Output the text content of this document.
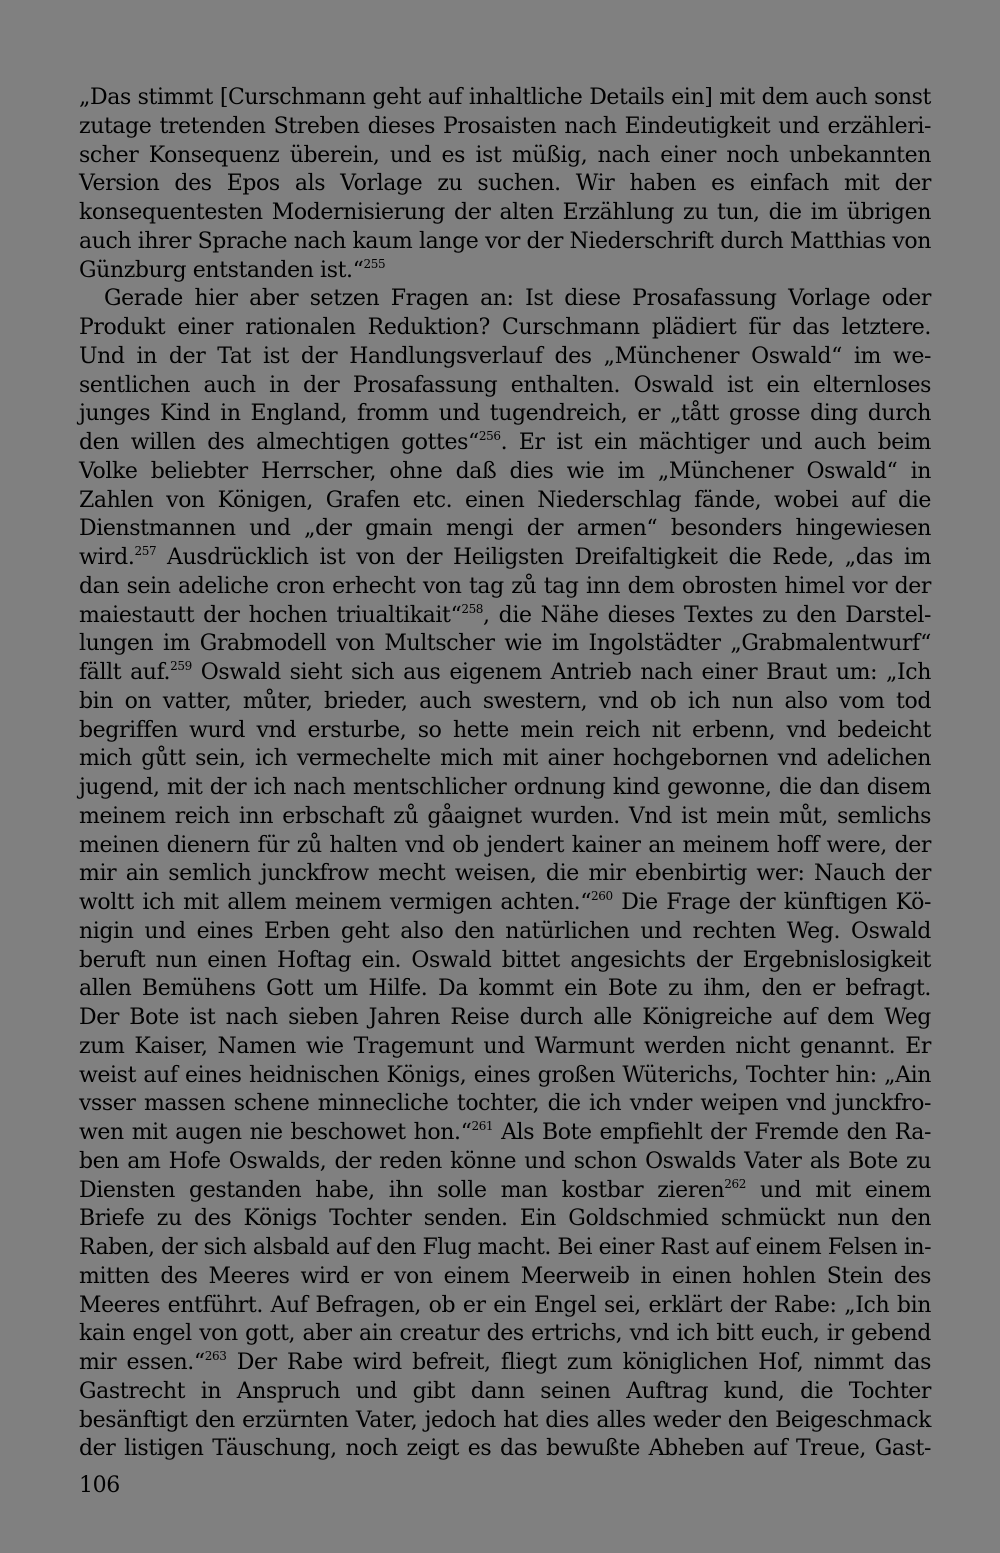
„Das stimmt [Curschmann geht auf inhaltliche Details ein] mit dem auch sonst
zutage tretenden Streben dieses Prosaisten nach Eindeutigkeit und erzähleri-
scher Konsequenz überein, und es ist müßig, nach einer noch unbekannten
Version des Epos als Vorlage zu suchen. Wir haben es einfach mit der
konsequentesten Modernisierung der alten Erzählung zu tun, die im übrigen
auch ihrer Sprache nach kaum lange vor der Niederschrift durch Matthias von
Günzburg entstanden ist.“$^{255}$
Gerade hier aber setzen Fragen an: Ist diese Prosafassung Vorlage oder
Produkt einer rationalen Reduktion? Curschmann plädiert für das letztere.
Und in der Tat ist der Handlungsverlauf des „Münchener Oswald“ im we-
sentlichen auch in der Prosafassung enthalten. Oswald ist ein elternloses
junges Kind in England, fromm und tugendreich, er „tått grosse ding durch
den willen des almechtigen gottes“$^{256}$. Er ist ein mächtiger und auch beim
Volke beliebter Herrscher, ohne daß dies wie im „Münchener Oswald“ in
Zahlen von Königen, Grafen etc. einen Niederschlag fände, wobei auf die
Dienstmannen und „der gmain mengi der armen“ besonders hingewiesen
wird.$^{257}$ Ausdrücklich ist von der Heiligsten Dreifaltigkeit die Rede, „das im
dan sein adeliche cron erhecht von tag zů tag inn dem obrosten himel vor der
maiestautt der hochen triualtikait“$^{258}$, die Nähe dieses Textes zu den Darstel-
lungen im Grabmodell von Multscher wie im Ingolstädter „Grabmalentwurf“
fällt auf.$^{259}$ Oswald sieht sich aus eigenem Antrieb nach einer Braut um: „Ich
bin on vatter, můter, brieder, auch swestern, vnd ob ich nun also vom tod
begriffen wurd vnd ersturbe, so hette mein reich nit erbenn, vnd bedeicht
mich gůtt sein, ich vermechelte mich mit ainer hochgebornen vnd adelichen
jugend, mit der ich nach mentschlicher ordnung kind gewonne, die dan disem
meinem reich inn erbschaft zů gåaignet wurden. Vnd ist mein můt, semlichs
meinen dienern für zů halten vnd ob jendert kainer an meinem hoff were, der
mir ain semlich junckfrow mecht weisen, die mir ebenbirtig wer: Nauch der
woltt ich mit allem meinem vermigen achten.“$^{260}$ Die Frage der künftigen Kö-
nigin und eines Erben geht also den natürlichen und rechten Weg. Oswald
beruft nun einen Hoftag ein. Oswald bittet angesichts der Ergebnislosigkeit
allen Bemühens Gott um Hilfe. Da kommt ein Bote zu ihm, den er befragt.
Der Bote ist nach sieben Jahren Reise durch alle Königreiche auf dem Weg
zum Kaiser, Namen wie Tragemunt und Warmunt werden nicht genannt. Er
weist auf eines heidnischen Königs, eines großen Wüterichs, Tochter hin: „Ain
vsser massen schene minnecliche tochter, die ich vnder weipen vnd junckfro-
wen mit augen nie beschowet hon.“$^{261}$ Als Bote empfiehlt der Fremde den Ra-
ben am Hofe Oswalds, der reden könne und schon Oswalds Vater als Bote zu
Diensten gestanden habe, ihn solle man kostbar zieren$^{262}$ und mit einem
Briefe zu des Königs Tochter senden. Ein Goldschmied schmückt nun den
Raben, der sich alsbald auf den Flug macht. Bei einer Rast auf einem Felsen in-
mitten des Meeres wird er von einem Meerweib in einen hohlen Stein des
Meeres entführt. Auf Befragen, ob er ein Engel sei, erklärt der Rabe: „Ich bin
kain engel von gott, aber ain creatur des ertrichs, vnd ich bitt euch, ir gebend
mir essen.“$^{263}$ Der Rabe wird befreit, fliegt zum königlichen Hof, nimmt das
Gastrecht in Anspruch und gibt dann seinen Auftrag kund, die Tochter
besänftigt den erzürnten Vater, jedoch hat dies alles weder den Beigeschmack
der listigen Täuschung, noch zeigt es das bewußte Abheben auf Treue, Gast-
106
